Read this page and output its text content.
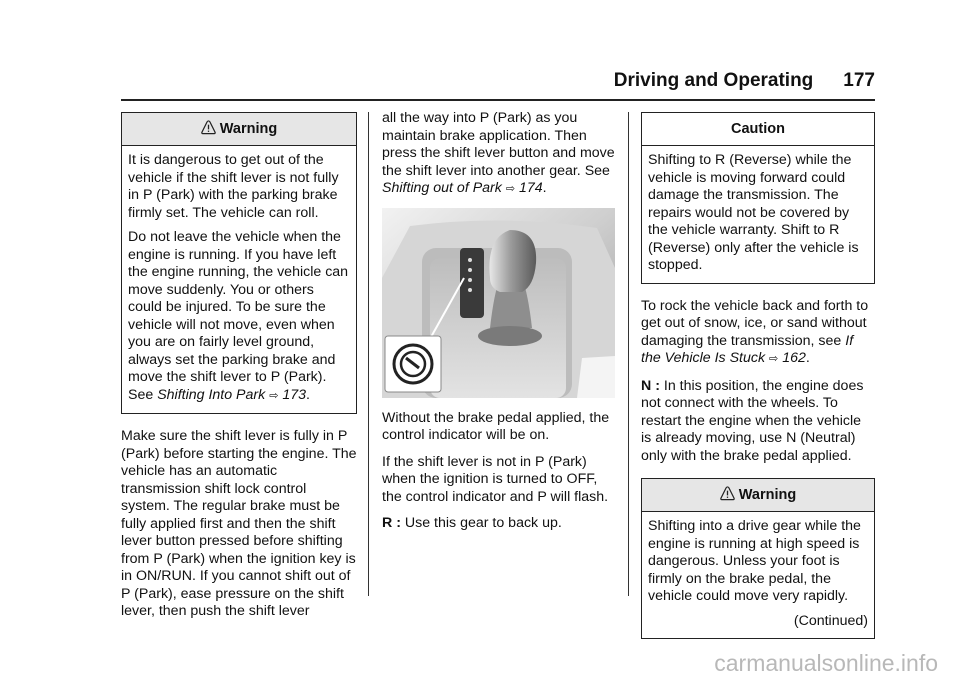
Driving and Operating 177
Warning

It is dangerous to get out of the vehicle if the shift lever is not fully in P (Park) with the parking brake firmly set. The vehicle can roll.

Do not leave the vehicle when the engine is running. If you have left the engine running, the vehicle can move suddenly. You or others could be injured. To be sure the vehicle will not move, even when you are on fairly level ground, always set the parking brake and move the shift lever to P (Park). See Shifting Into Park ⇨ 173.

Make sure the shift lever is fully in P (Park) before starting the engine. The vehicle has an automatic transmission shift lock control system. The regular brake must be fully applied first and then the shift lever button pressed before shifting from P (Park) when the ignition key is in ON/RUN. If you cannot shift out of P (Park), ease pressure on the shift lever, then push the shift lever

all the way into P (Park) as you maintain brake application. Then press the shift lever button and move the shift lever into another gear. See Shifting out of Park ⇨ 174.

Without the brake pedal applied, the control indicator will be on.

If the shift lever is not in P (Park) when the ignition is turned to OFF, the control indicator and P will flash.

R : Use this gear to back up.

Caution

Shifting to R (Reverse) while the vehicle is moving forward could damage the transmission. The repairs would not be covered by the vehicle warranty. Shift to R (Reverse) only after the vehicle is stopped.

To rock the vehicle back and forth to get out of snow, ice, or sand without damaging the transmission, see If the Vehicle Is Stuck ⇨ 162.

N : In this position, the engine does not connect with the wheels. To restart the engine when the vehicle is already moving, use N (Neutral) only with the brake pedal applied.

Warning

Shifting into a drive gear while the engine is running at high speed is dangerous. Unless your foot is firmly on the brake pedal, the vehicle could move very rapidly.

(Continued)

carmanualsonline.info
